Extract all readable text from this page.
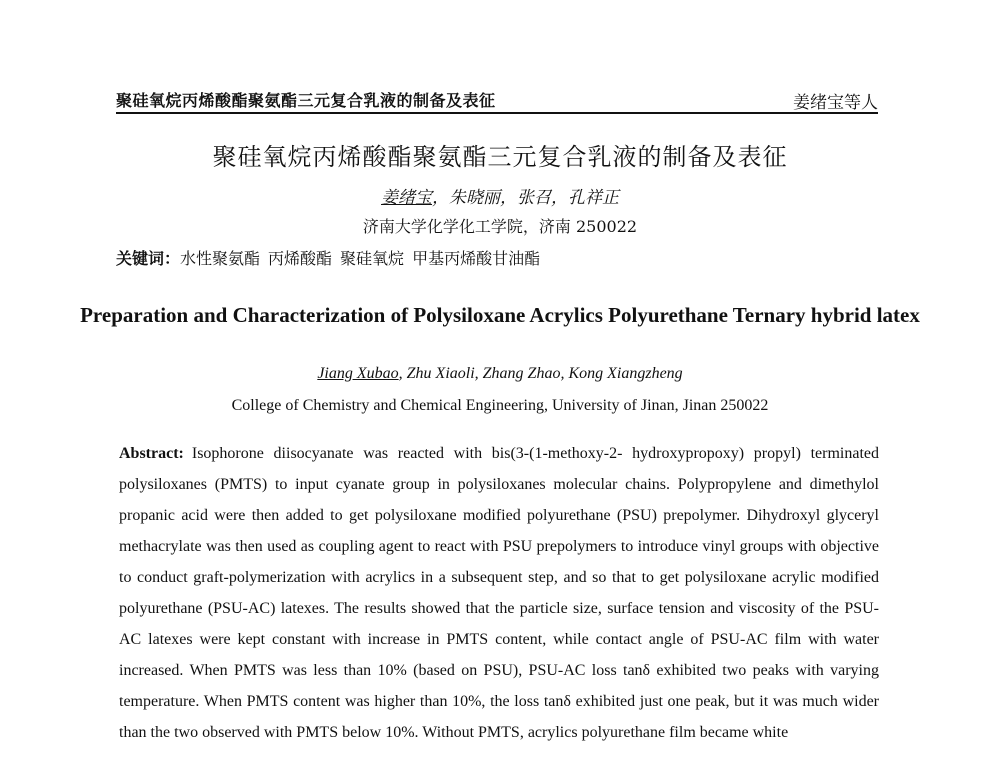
聚硅氧烷丙烯酸酯聚氨酯三元复合乳液的制备及表征	姜绪宝等人
聚硅氧烷丙烯酸酯聚氨酯三元复合乳液的制备及表征
姜绪宝，朱晓丽，张召，孔祥正
济南大学化学化工学院，济南 250022
关键词：水性聚氨酯 丙烯酸酯 聚硅氧烷 甲基丙烯酸甘油酯
Preparation and Characterization of Polysiloxane Acrylics Polyurethane Ternary hybrid latex
Jiang Xubao, Zhu Xiaoli, Zhang Zhao, Kong Xiangzheng
College of Chemistry and Chemical Engineering, University of Jinan, Jinan 250022
Abstract: Isophorone diisocyanate was reacted with bis(3-(1-methoxy-2- hydroxypropoxy) propyl) terminated polysiloxanes (PMTS) to input cyanate group in polysiloxanes molecular chains. Polypropylene and dimethylol propanic acid were then added to get polysiloxane modified polyurethane (PSU) prepolymer. Dihydroxyl glyceryl methacrylate was then used as coupling agent to react with PSU prepolymers to introduce vinyl groups with objective to conduct graft-polymerization with acrylics in a subsequent step, and so that to get polysiloxane acrylic modified polyurethane (PSU-AC) latexes. The results showed that the particle size, surface tension and viscosity of the PSU-AC latexes were kept constant with increase in PMTS content, while contact angle of PSU-AC film with water increased. When PMTS was less than 10% (based on PSU), PSU-AC loss tanδ exhibited two peaks with varying temperature. When PMTS content was higher than 10%, the loss tanδ exhibited just one peak, but it was much wider than the two observed with PMTS below 10%. Without PMTS, acrylics polyurethane film became white
